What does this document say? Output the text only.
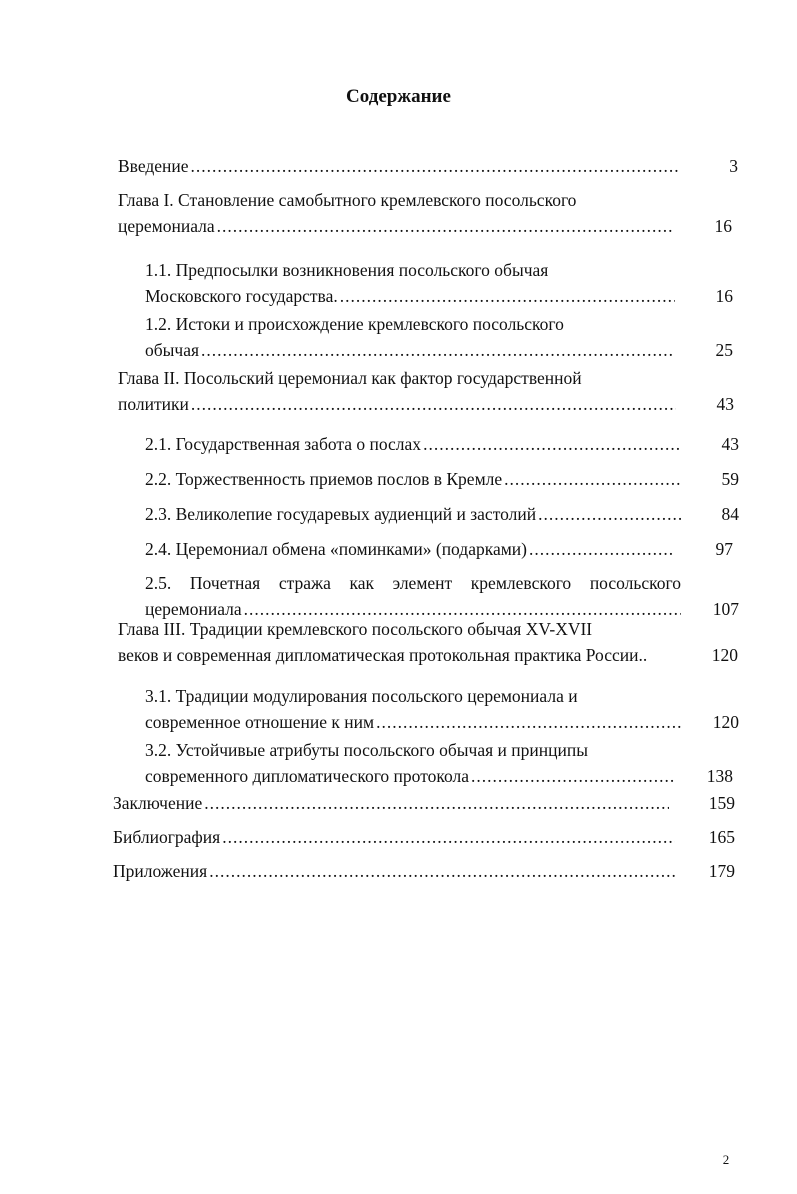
Содержание
Введение .....	3
Глава I. Становление самобытного кремлевского посольского
церемониала .....	16
1.1. Предпосылки возникновения посольского обычая
Московского государства. .....	16
1.2. Истоки и происхождение кремлевского посольского
обычая .....	25
Глава II. Посольский церемониал как фактор государственной
политики .....	43
2.1. Государственная забота о послах .....	43
2.2. Торжественность приемов послов в Кремле .....	59
2.3. Великолепие государевых аудиенций и застолий .....	84
2.4. Церемониал обмена «поминками» (подарками) .....	97
2.5. Почетная стража как элемент кремлевского посольского
церемониала .....	107
Глава III. Традиции кремлевского посольского обычая XV-XVII
веков и современная дипломатическая протокольная практика России..	120
3.1. Традиции модулирования посольского церемониала и
современное отношение к ним .....	120
3.2. Устойчивые атрибуты посольского обычая и принципы
современного дипломатического протокола .....	138
Заключение .....	159
Библиография .....	165
Приложения .....	179
2
